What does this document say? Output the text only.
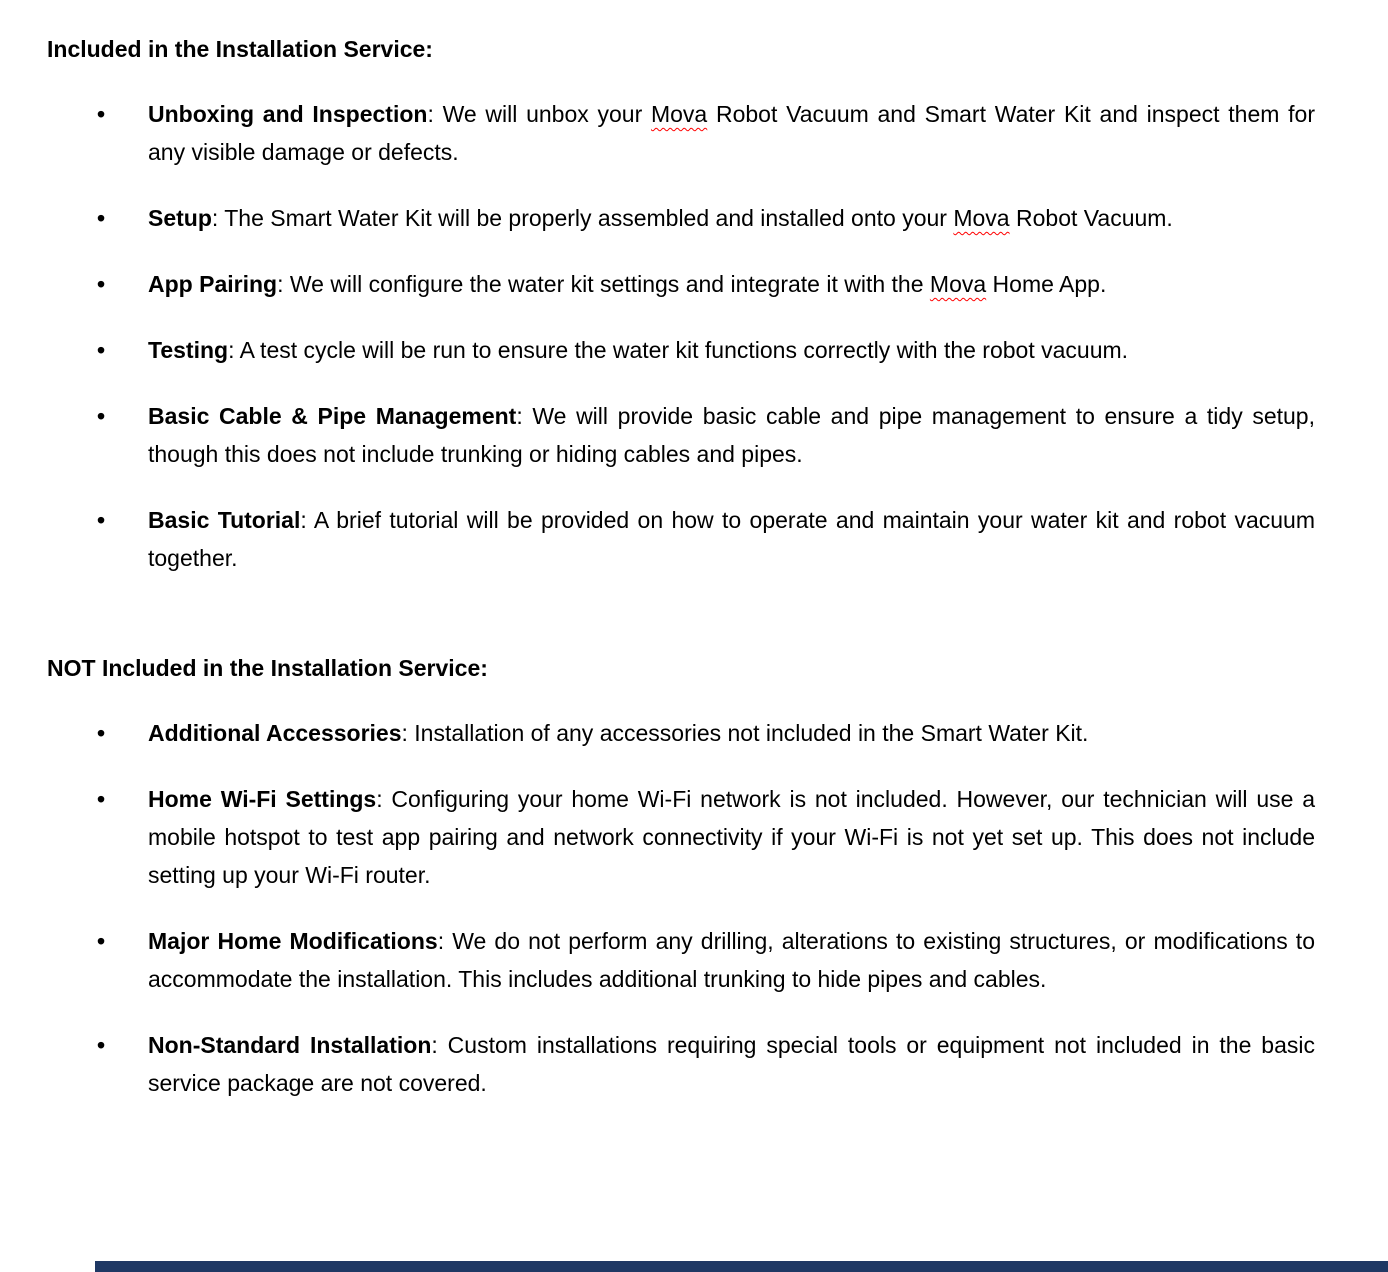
Included in the Installation Service:

• Unboxing and Inspection: We will unbox your Mova Robot Vacuum and Smart Water Kit and inspect them for any visible damage or defects.
• Setup: The Smart Water Kit will be properly assembled and installed onto your Mova Robot Vacuum.
• App Pairing: We will configure the water kit settings and integrate it with the Mova Home App.
• Testing: A test cycle will be run to ensure the water kit functions correctly with the robot vacuum.
• Basic Cable & Pipe Management: We will provide basic cable and pipe management to ensure a tidy setup, though this does not include trunking or hiding cables and pipes.
• Basic Tutorial: A brief tutorial will be provided on how to operate and maintain your water kit and robot vacuum together.

NOT Included in the Installation Service:

• Additional Accessories: Installation of any accessories not included in the Smart Water Kit.
• Home Wi-Fi Settings: Configuring your home Wi-Fi network is not included. However, our technician will use a mobile hotspot to test app pairing and network connectivity if your Wi-Fi is not yet set up. This does not include setting up your Wi-Fi router.
• Major Home Modifications: We do not perform any drilling, alterations to existing structures, or modifications to accommodate the installation. This includes additional trunking to hide pipes and cables.
• Non-Standard Installation: Custom installations requiring special tools or equipment not included in the basic service package are not covered.
